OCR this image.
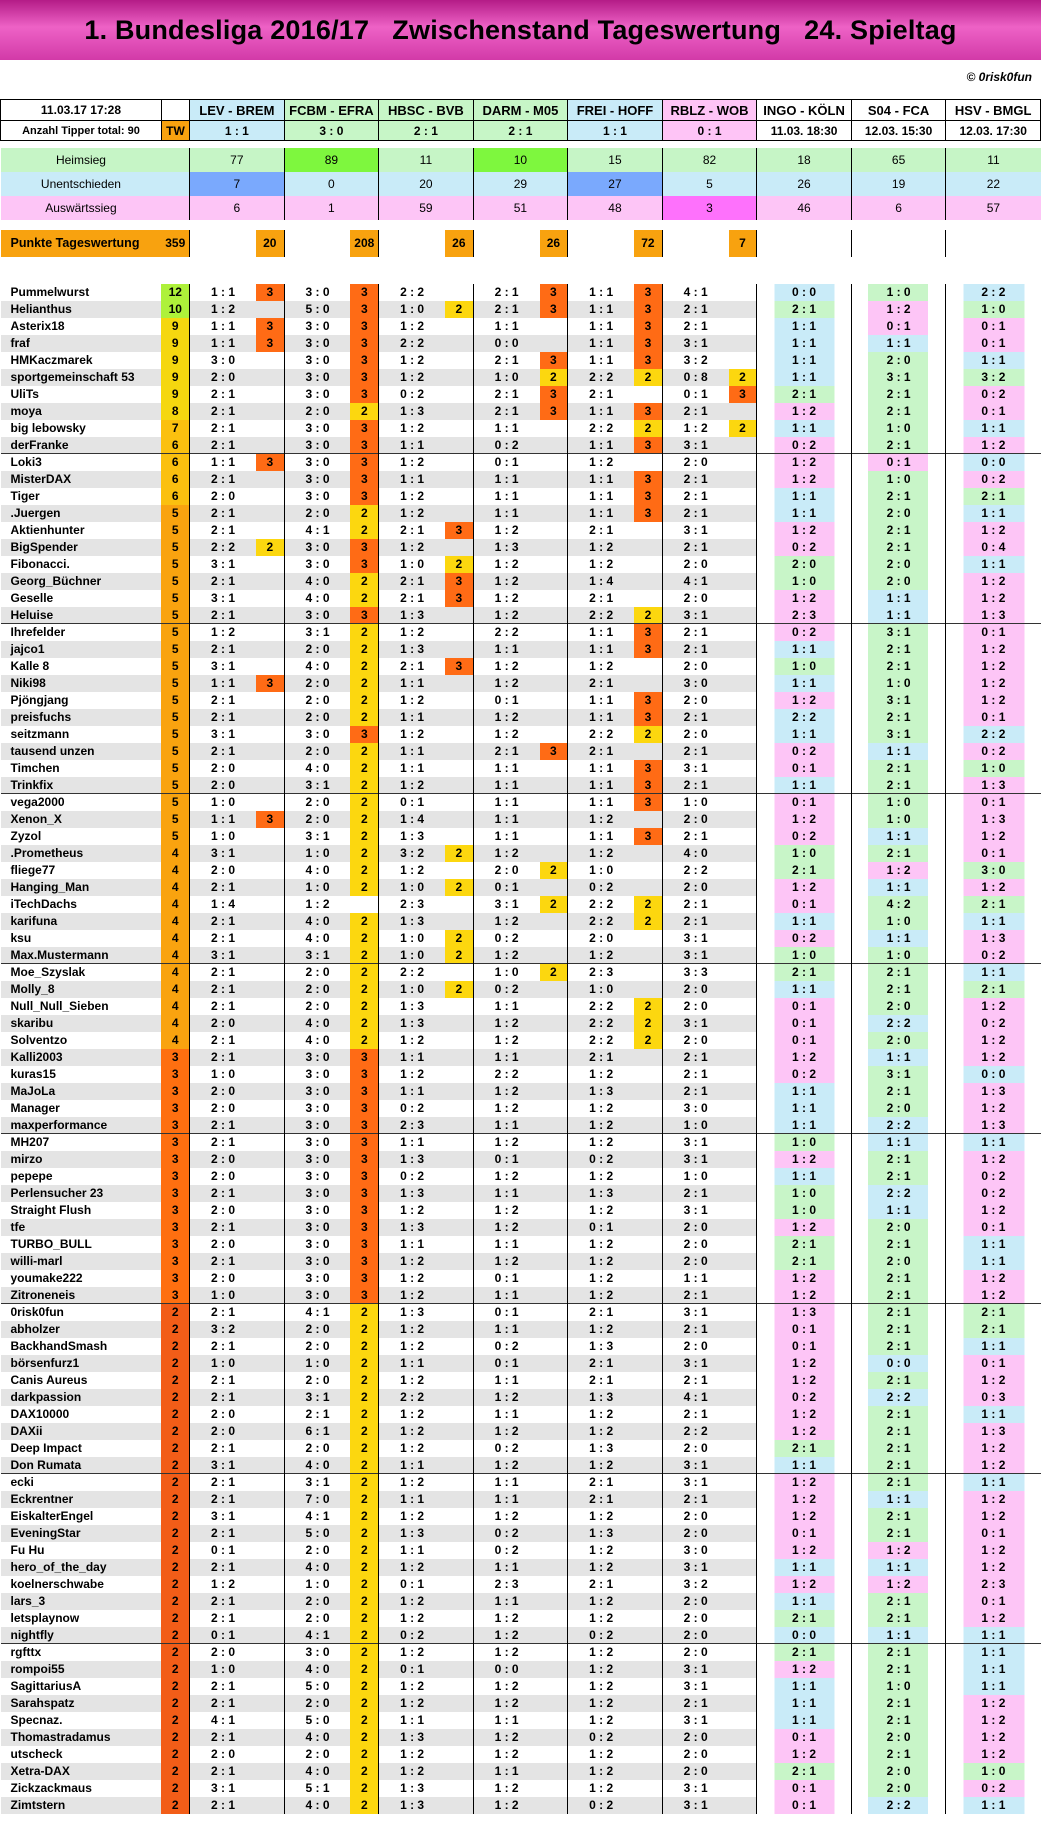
1. Bundesliga 2016/17   Zwischenstand Tageswertung   24. Spieltag
© 0risk0fun
11.03.17 17:28		LEV - BREM		FCBM - EFRA		HBSC - BVB		DARM - M05		FREI - HOFF		RBLZ - WOB		INGO - KÖLN	S04 - FCA	HSV - BMGL
Anzahl Tipper total: 90	TW	1 : 1		3 : 0		2 : 1		2 : 1		1 : 1		0 : 1		11.03. 18:30	12.03. 15:30	12.03. 17:30

Heimsieg		77		89		11		10		15		82		18	65	11
Unentschieden		7		0		20		29		27		5		26	19	22
Auswärtssieg		6		1		59		51		48		3		46	6	57

Punkte Tageswertung	359		20		208		26		26		72		7			

Pummelwurst	12	1 : 1	3	3 : 0	3	2 : 2		2 : 1	3	1 : 1	3	4 : 1		0 : 0	1 : 0	2 : 2
Helianthus	10	1 : 2		5 : 0	3	1 : 0	2	2 : 1	3	1 : 1	3	2 : 1		2 : 1	1 : 2	1 : 0
Asterix18	9	1 : 1	3	3 : 0	3	1 : 2		1 : 1		1 : 1	3	2 : 1		1 : 1	0 : 1	0 : 1
fraf	9	1 : 1	3	3 : 0	3	2 : 2		0 : 0		1 : 1	3	3 : 1		1 : 1	1 : 1	0 : 1
HMKaczmarek	9	3 : 0		3 : 0	3	1 : 2		2 : 1	3	1 : 1	3	3 : 2		1 : 1	2 : 0	1 : 1
sportgemeinschaft 53	9	2 : 0		3 : 0	3	1 : 2		1 : 0	2	2 : 2	2	0 : 8	2	1 : 1	3 : 1	3 : 2
UliTs	9	2 : 1		3 : 0	3	0 : 2		2 : 1	3	2 : 1		0 : 1	3	2 : 1	2 : 1	0 : 2
moya	8	2 : 1		2 : 0	2	1 : 3		2 : 1	3	1 : 1	3	2 : 1		1 : 2	2 : 1	0 : 1
big lebowsky	7	2 : 1		3 : 0	3	1 : 2		1 : 1		2 : 2	2	1 : 2	2	1 : 1	1 : 0	1 : 1
derFranke	6	2 : 1		3 : 0	3	1 : 1		0 : 2		1 : 1	3	3 : 1		0 : 2	2 : 1	1 : 2
Loki3	6	1 : 1	3	3 : 0	3	1 : 2		0 : 1		1 : 2		2 : 0		1 : 2	0 : 1	0 : 0
MisterDAX	6	2 : 1		3 : 0	3	1 : 1		1 : 1		1 : 1	3	2 : 1		1 : 2	1 : 0	0 : 2
Tiger	6	2 : 0		3 : 0	3	1 : 2		1 : 1		1 : 1	3	2 : 1		1 : 1	2 : 1	2 : 1
.Juergen	5	2 : 1		2 : 0	2	1 : 2		1 : 1		1 : 1	3	2 : 1		1 : 1	2 : 0	1 : 1
Aktienhunter	5	2 : 1		4 : 1	2	2 : 1	3	1 : 2		2 : 1		3 : 1		1 : 2	2 : 1	1 : 2
BigSpender	5	2 : 2	2	3 : 0	3	1 : 2		1 : 3		1 : 2		2 : 1		0 : 2	2 : 1	0 : 4
Fibonacci.	5	3 : 1		3 : 0	3	1 : 0	2	1 : 2		1 : 2		2 : 0		2 : 0	2 : 0	1 : 1
Georg_Büchner	5	2 : 1		4 : 0	2	2 : 1	3	1 : 2		1 : 4		4 : 1		1 : 0	2 : 0	1 : 2
Geselle	5	3 : 1		4 : 0	2	2 : 1	3	1 : 2		2 : 1		2 : 0		1 : 2	1 : 1	1 : 2
Heluise	5	2 : 1		3 : 0	3	1 : 3		1 : 2		2 : 2	2	3 : 1		2 : 3	1 : 1	1 : 3
Ihrefelder	5	1 : 2		3 : 1	2	1 : 2		2 : 2		1 : 1	3	2 : 1		0 : 2	3 : 1	0 : 1
jajco1	5	2 : 1		2 : 0	2	1 : 3		1 : 1		1 : 1	3	2 : 1		1 : 1	2 : 1	1 : 2
Kalle 8	5	3 : 1		4 : 0	2	2 : 1	3	1 : 2		1 : 2		2 : 0		1 : 0	2 : 1	1 : 2
Niki98	5	1 : 1	3	2 : 0	2	1 : 1		1 : 2		2 : 1		3 : 0		1 : 1	1 : 0	1 : 2
Pjöngjang	5	2 : 1		2 : 0	2	1 : 2		0 : 1		1 : 1	3	2 : 0		1 : 2	3 : 1	1 : 2
preisfuchs	5	2 : 1		2 : 0	2	1 : 1		1 : 2		1 : 1	3	2 : 1		2 : 2	2 : 1	0 : 1
seitzmann	5	3 : 1		3 : 0	3	1 : 2		1 : 2		2 : 2	2	2 : 0		1 : 1	3 : 1	2 : 2
tausend unzen	5	2 : 1		2 : 0	2	1 : 1		2 : 1	3	2 : 1		2 : 1		0 : 2	1 : 1	0 : 2
Timchen	5	2 : 0		4 : 0	2	1 : 1		1 : 1		1 : 1	3	3 : 1		0 : 1	2 : 1	1 : 0
Trinkfix	5	2 : 0		3 : 1	2	1 : 2		1 : 1		1 : 1	3	2 : 1		1 : 1	2 : 1	1 : 3
vega2000	5	1 : 0		2 : 0	2	0 : 1		1 : 1		1 : 1	3	1 : 0		0 : 1	1 : 0	0 : 1
Xenon_X	5	1 : 1	3	2 : 0	2	1 : 4		1 : 1		1 : 2		2 : 0		1 : 2	1 : 0	1 : 3
Zyzol	5	1 : 0		3 : 1	2	1 : 3		1 : 1		1 : 1	3	2 : 1		0 : 2	1 : 1	1 : 2
.Prometheus	4	3 : 1		1 : 0	2	3 : 2	2	1 : 2		1 : 2		4 : 0		1 : 0	2 : 1	0 : 1
fliege77	4	2 : 0		4 : 0	2	1 : 2		2 : 0	2	1 : 0		2 : 2		2 : 1	1 : 2	3 : 0
Hanging_Man	4	2 : 1		1 : 0	2	1 : 0	2	0 : 1		0 : 2		2 : 0		1 : 2	1 : 1	1 : 2
iTechDachs	4	1 : 4		1 : 2		2 : 3		3 : 1	2	2 : 2	2	2 : 1		0 : 1	4 : 2	2 : 1
karifuna	4	2 : 1		4 : 0	2	1 : 3		1 : 2		2 : 2	2	2 : 1		1 : 1	1 : 0	1 : 1
ksu	4	2 : 1		4 : 0	2	1 : 0	2	0 : 2		2 : 0		3 : 1		0 : 2	1 : 1	1 : 3
Max.Mustermann	4	3 : 1		3 : 1	2	1 : 0	2	1 : 2		1 : 2		3 : 1		1 : 0	1 : 0	0 : 2
Moe_Szyslak	4	2 : 1		2 : 0	2	2 : 2		1 : 0	2	2 : 3		3 : 3		2 : 1	2 : 1	1 : 1
Molly_8	4	2 : 1		2 : 0	2	1 : 0	2	0 : 2		1 : 0		2 : 0		1 : 1	2 : 1	2 : 1
Null_Null_Sieben	4	2 : 1		2 : 0	2	1 : 3		1 : 1		2 : 2	2	2 : 0		0 : 1	2 : 0	1 : 2
skaribu	4	2 : 0		4 : 0	2	1 : 3		1 : 2		2 : 2	2	3 : 1		0 : 1	2 : 2	0 : 2
Solventzo	4	2 : 1		4 : 0	2	1 : 2		1 : 2		2 : 2	2	2 : 0		0 : 1	2 : 0	1 : 2
Kalli2003	3	2 : 1		3 : 0	3	1 : 1		1 : 1		2 : 1		2 : 1		1 : 2	1 : 1	1 : 2
kuras15	3	1 : 0		3 : 0	3	1 : 2		2 : 2		1 : 2		2 : 1		0 : 2	3 : 1	0 : 0
MaJoLa	3	2 : 0		3 : 0	3	1 : 1		1 : 2		1 : 3		2 : 1		1 : 1	2 : 1	1 : 3
Manager	3	2 : 0		3 : 0	3	0 : 2		1 : 2		1 : 2		3 : 0		1 : 1	2 : 0	1 : 2
maxperformance	3	2 : 1		3 : 0	3	2 : 3		1 : 1		1 : 2		1 : 0		1 : 1	2 : 2	1 : 3
MH207	3	2 : 1		3 : 0	3	1 : 1		1 : 2		1 : 2		3 : 1		1 : 0	1 : 1	1 : 1
mirzo	3	2 : 0		3 : 0	3	1 : 3		0 : 1		0 : 2		3 : 1		1 : 2	2 : 1	1 : 2
pepepe	3	2 : 0		3 : 0	3	0 : 2		1 : 2		1 : 2		1 : 0		1 : 1	2 : 1	0 : 2
Perlensucher 23	3	2 : 1		3 : 0	3	1 : 3		1 : 1		1 : 3		2 : 1		1 : 0	2 : 2	0 : 2
Straight Flush	3	2 : 0		3 : 0	3	1 : 2		1 : 2		1 : 2		3 : 1		1 : 0	1 : 1	1 : 2
tfe	3	2 : 1		3 : 0	3	1 : 3		1 : 2		0 : 1		2 : 0		1 : 2	2 : 0	0 : 1
TURBO_BULL	3	2 : 0		3 : 0	3	1 : 1		1 : 1		1 : 2		2 : 0		2 : 1	2 : 1	1 : 1
willi-marl	3	2 : 1		3 : 0	3	1 : 2		1 : 2		1 : 2		2 : 0		2 : 1	2 : 0	1 : 1
youmake222	3	2 : 0		3 : 0	3	1 : 2		0 : 1		1 : 2		1 : 1		1 : 2	2 : 1	1 : 2
Zitroneneis	3	1 : 0		3 : 0	3	1 : 2		1 : 1		1 : 2		2 : 1		1 : 2	2 : 1	1 : 2
0risk0fun	2	2 : 1		4 : 1	2	1 : 3		0 : 1		2 : 1		3 : 1		1 : 3	2 : 1	2 : 1
abholzer	2	3 : 2		2 : 0	2	1 : 2		1 : 1		1 : 2		2 : 1		0 : 1	2 : 1	2 : 1
BackhandSmash	2	2 : 1		2 : 0	2	1 : 2		0 : 2		1 : 3		2 : 0		0 : 1	2 : 1	1 : 1
börsenfurz1	2	1 : 0		1 : 0	2	1 : 1		0 : 1		2 : 1		3 : 1		1 : 2	0 : 0	0 : 1
Canis Aureus	2	2 : 1		2 : 0	2	1 : 2		1 : 1		2 : 1		2 : 1		1 : 2	2 : 1	1 : 2
darkpassion	2	2 : 1		3 : 1	2	2 : 2		1 : 2		1 : 3		4 : 1		0 : 2	2 : 2	0 : 3
DAX10000	2	2 : 0		2 : 1	2	1 : 2		1 : 1		1 : 2		2 : 1		1 : 2	2 : 1	1 : 1
DAXii	2	2 : 0		6 : 1	2	1 : 2		1 : 2		1 : 2		2 : 2		1 : 2	2 : 1	1 : 3
Deep Impact	2	2 : 1		2 : 0	2	1 : 2		0 : 2		1 : 3		2 : 0		2 : 1	2 : 1	1 : 2
Don Rumata	2	3 : 1		4 : 0	2	1 : 1		1 : 2		1 : 2		3 : 1		1 : 1	2 : 1	1 : 2
ecki	2	2 : 1		3 : 1	2	1 : 2		1 : 1		2 : 1		3 : 1		1 : 2	2 : 1	1 : 1
Eckrentner	2	2 : 1		7 : 0	2	1 : 1		1 : 1		2 : 1		2 : 1		1 : 2	1 : 1	1 : 2
EiskalterEngel	2	3 : 1		4 : 1	2	1 : 2		1 : 2		1 : 2		2 : 0		1 : 2	2 : 1	1 : 2
EveningStar	2	2 : 1		5 : 0	2	1 : 3		0 : 2		1 : 3		2 : 0		0 : 1	2 : 1	0 : 1
Fu Hu	2	0 : 1		2 : 0	2	1 : 1		0 : 2		1 : 2		3 : 0		1 : 2	1 : 2	1 : 2
hero_of_the_day	2	2 : 1		4 : 0	2	1 : 2		1 : 1		1 : 2		3 : 1		1 : 1	1 : 1	1 : 2
koelnerschwabe	2	1 : 2		1 : 0	2	0 : 1		2 : 3		2 : 1		3 : 2		1 : 2	1 : 2	2 : 3
lars_3	2	2 : 1		2 : 0	2	1 : 2		1 : 1		1 : 2		2 : 0		1 : 1	2 : 1	0 : 1
letsplaynow	2	2 : 1		2 : 0	2	1 : 2		1 : 2		1 : 2		2 : 0		2 : 1	2 : 1	1 : 2
nightfly	2	0 : 1		4 : 1	2	0 : 2		1 : 2		0 : 2		2 : 0		0 : 0	1 : 1	1 : 1
rgfttx	2	2 : 0		3 : 0	2	1 : 2		1 : 2		1 : 2		2 : 0		2 : 1	2 : 1	1 : 1
rompoi55	2	1 : 0		4 : 0	2	0 : 1		0 : 0		1 : 2		3 : 1		1 : 2	2 : 1	1 : 1
SagittariusA	2	2 : 1		5 : 0	2	1 : 2		1 : 2		1 : 2		3 : 1		1 : 1	1 : 0	1 : 1
Sarahspatz	2	2 : 1		2 : 0	2	1 : 2		1 : 2		1 : 2		2 : 1		1 : 1	2 : 1	1 : 2
Specnaz.	2	4 : 1		5 : 0	2	1 : 1		1 : 1		1 : 2		3 : 1		1 : 1	2 : 1	1 : 2
Thomastradamus	2	2 : 1		4 : 0	2	1 : 3		1 : 2		0 : 2		2 : 0		0 : 1	2 : 0	1 : 2
utscheck	2	2 : 0		2 : 0	2	1 : 2		1 : 2		1 : 2		2 : 0		1 : 2	2 : 1	1 : 2
Xetra-DAX	2	2 : 1		4 : 0	2	1 : 2		1 : 1		1 : 2		2 : 0		2 : 1	2 : 0	1 : 0
Zickzackmaus	2	3 : 1		5 : 1	2	1 : 3		1 : 2		1 : 2		3 : 1		0 : 1	2 : 0	0 : 2
Zimtstern	2	2 : 1		4 : 0	2	1 : 3		1 : 2		0 : 2		3 : 1		0 : 1	2 : 2	1 : 1
